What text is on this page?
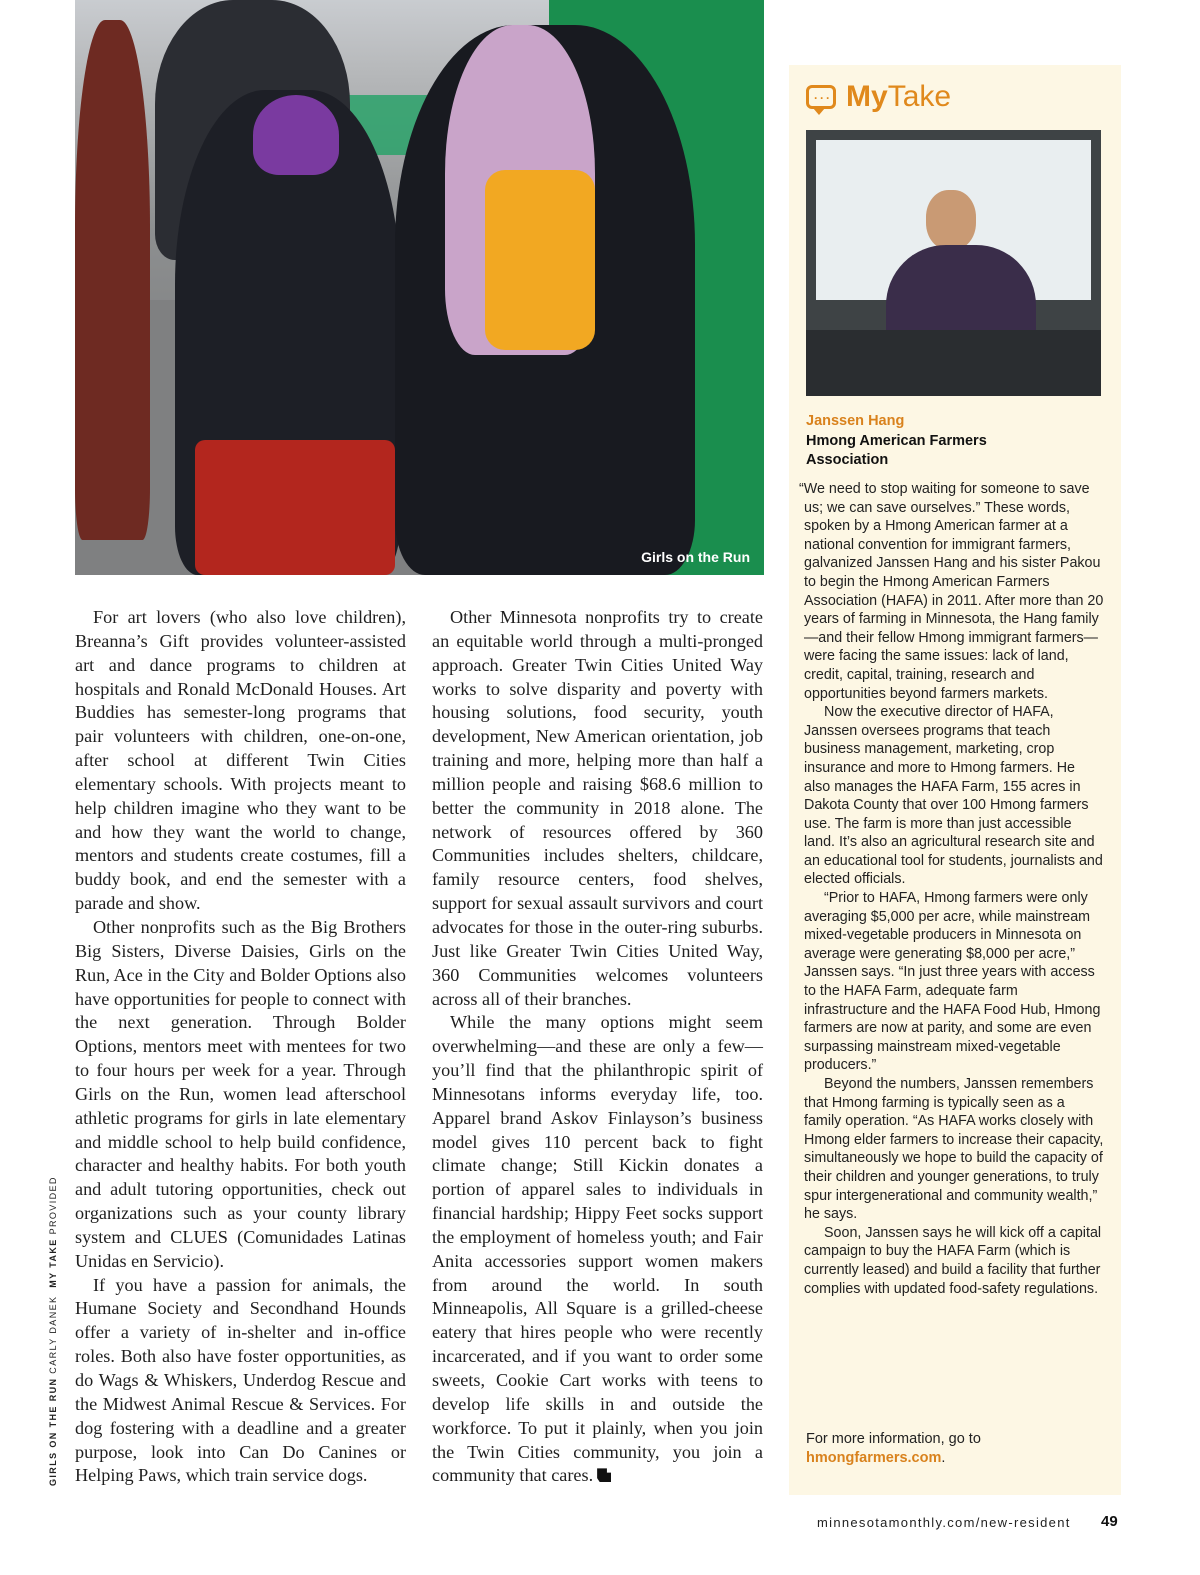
Girls on the Run

For art lovers (who also love children), Breanna’s Gift provides volunteer-assisted art and dance programs to children at hospitals and Ronald McDonald Houses. Art Buddies has semester-long programs that pair volunteers with children, one-on-one, after school at different Twin Cities elementary schools. With projects meant to help children imagine who they want to be and how they want the world to change, mentors and students create costumes, fill a buddy book, and end the semester with a parade and show.

Other nonprofits such as the Big Brothers Big Sisters, Diverse Daisies, Girls on the Run, Ace in the City and Bolder Options also have opportunities for people to connect with the next generation. Through Bolder Options, mentors meet with mentees for two to four hours per week for a year. Through Girls on the Run, women lead afterschool athletic programs for girls in late elementary and middle school to help build confidence, character and healthy habits. For both youth and adult tutoring opportunities, check out organizations such as your county library system and CLUES (Comunidades Latinas Unidas en Servicio).

If you have a passion for animals, the Humane Society and Secondhand Hounds offer a variety of in-shelter and in-office roles. Both also have foster opportunities, as do Wags & Whiskers, Underdog Rescue and the Midwest Animal Rescue & Services. For dog fostering with a deadline and a greater purpose, look into Can Do Canines or Helping Paws, which train service dogs.

Other Minnesota nonprofits try to create an equitable world through a multi-pronged approach. Greater Twin Cities United Way works to solve disparity and poverty with housing solutions, food security, youth development, New American orientation, job training and more, helping more than half a million people and raising $68.6 million to better the community in 2018 alone. The network of resources offered by 360 Communities includes shelters, childcare, family resource centers, food shelves, support for sexual assault survivors and court advocates for those in the outer-ring suburbs. Just like Greater Twin Cities United Way, 360 Communities welcomes volunteers across all of their branches.

While the many options might seem overwhelming—and these are only a few—you’ll find that the philanthropic spirit of Minnesotans informs everyday life, too. Apparel brand Askov Finlayson’s business model gives 110 percent back to fight climate change; Still Kickin donates a portion of apparel sales to individuals in financial hardship; Hippy Feet socks support the employment of homeless youth; and Fair Anita accessories support women makers from around the world. In south Minneapolis, All Square is a grilled-cheese eatery that hires people who were recently incarcerated, and if you want to order some sweets, Cookie Cart works with teens to develop life skills in and outside the workforce. To put it plainly, when you join the Twin Cities community, you join a community that cares.

··· MyTake
Janssen Hang
Hmong American Farmers Association

“We need to stop waiting for someone to save us; we can save ourselves.” These words, spoken by a Hmong American farmer at a national convention for immigrant farmers, galvanized Janssen Hang and his sister Pakou to begin the Hmong American Farmers Association (HAFA) in 2011. After more than 20 years of farming in Minnesota, the Hang family—and their fellow Hmong immigrant farmers—were facing the same issues: lack of land, credit, capital, training, research and opportunities beyond farmers markets.

Now the executive director of HAFA, Janssen oversees programs that teach business management, marketing, crop insurance and more to Hmong farmers. He also manages the HAFA Farm, 155 acres in Dakota County that over 100 Hmong farmers use. The farm is more than just accessible land. It’s also an agricultural research site and an educational tool for students, journalists and elected officials.

“Prior to HAFA, Hmong farmers were only averaging $5,000 per acre, while mainstream mixed-vegetable producers in Minnesota on average were generating $8,000 per acre,” Janssen says. “In just three years with access to the HAFA Farm, adequate farm infrastructure and the HAFA Food Hub, Hmong farmers are now at parity, and some are even surpassing mainstream mixed-vegetable producers.”

Beyond the numbers, Janssen remembers that Hmong farming is typically seen as a family operation. “As HAFA works closely with Hmong elder farmers to increase their capacity, simultaneously we hope to build the capacity of their children and younger generations, to truly spur intergenerational and community wealth,” he says.

Soon, Janssen says he will kick off a capital campaign to buy the HAFA Farm (which is currently leased) and build a facility that further complies with updated food-safety regulations.

For more information, go to
hmongfarmers.com.
GIRLS ON THE RUN CARLY DANEK  MY TAKE PROVIDED
minnesotamonthly.com/new-resident 49
